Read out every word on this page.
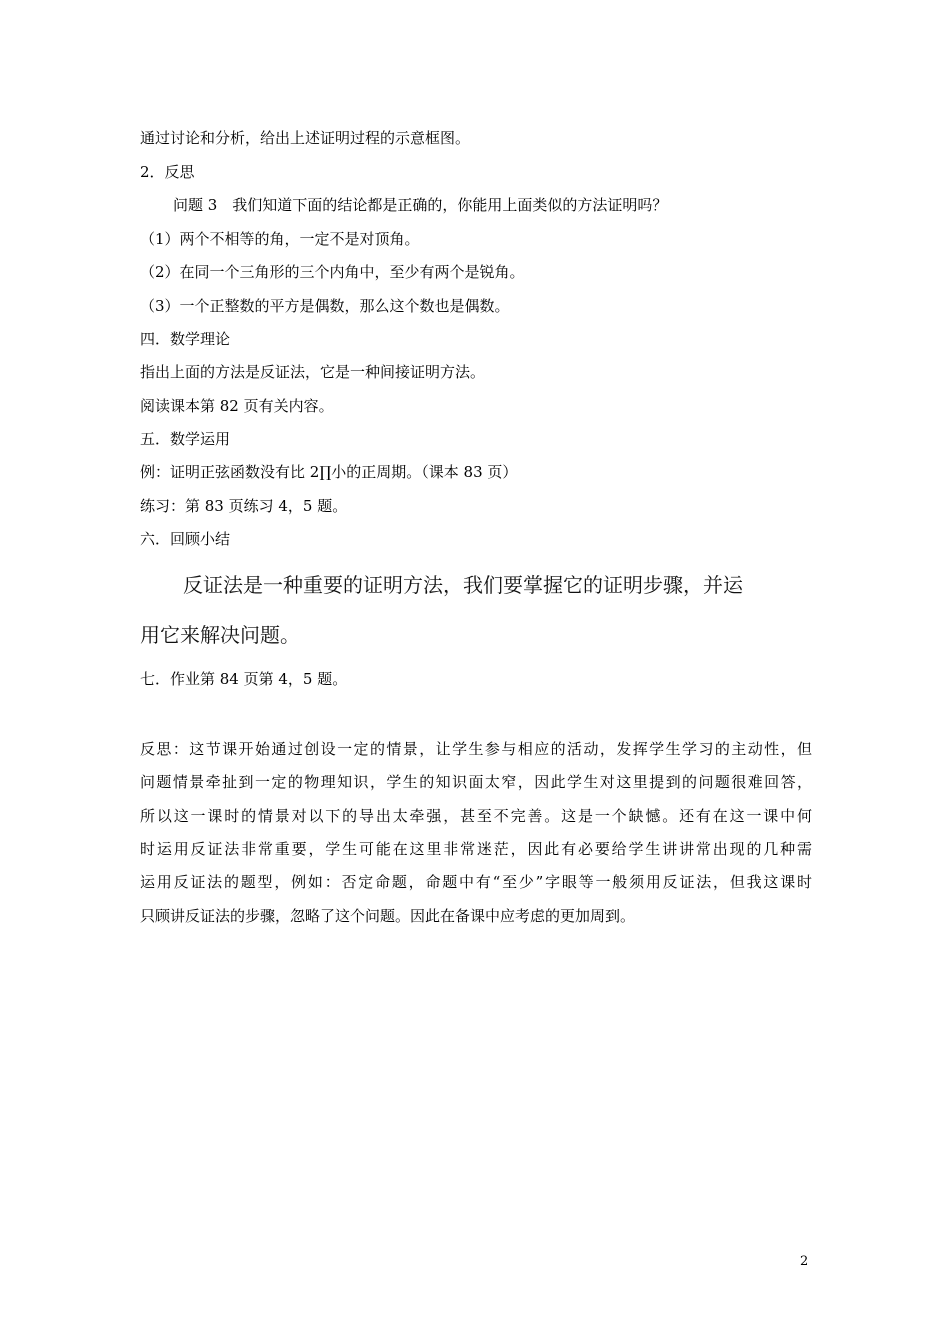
通过讨论和分析，给出上述证明过程的示意框图。
2．反思
问题 3　我们知道下面的结论都是正确的，你能用上面类似的方法证明吗？
（1）两个不相等的角，一定不是对顶角。
（2）在同一个三角形的三个内角中，至少有两个是锐角。
（3）一个正整数的平方是偶数，那么这个数也是偶数。
四．数学理论
指出上面的方法是反证法，它是一种间接证明方法。
阅读课本第 82 页有关内容。
五．数学运用
例：证明正弦函数没有比 2∏小的正周期。（课本 83 页）
练习：第 83 页练习 4，5 题。
六．回顾小结
反证法是一种重要的证明方法，我们要掌握它的证明步骤，并运
用它来解决问题。
七．作业第 84 页第 4，5 题。
反思：这节课开始通过创设一定的情景，让学生参与相应的活动，发挥学生学习的主动性，但
问题情景牵扯到一定的物理知识，学生的知识面太窄，因此学生对这里提到的问题很难回答，
所以这一课时的情景对以下的导出太牵强，甚至不完善。这是一个缺憾。还有在这一课中何
时运用反证法非常重要，学生可能在这里非常迷茫，因此有必要给学生讲讲常出现的几种需
运用反证法的题型，例如：否定命题，命题中有“至少”字眼等一般须用反证法，但我这课时
只顾讲反证法的步骤，忽略了这个问题。因此在备课中应考虑的更加周到。
2
